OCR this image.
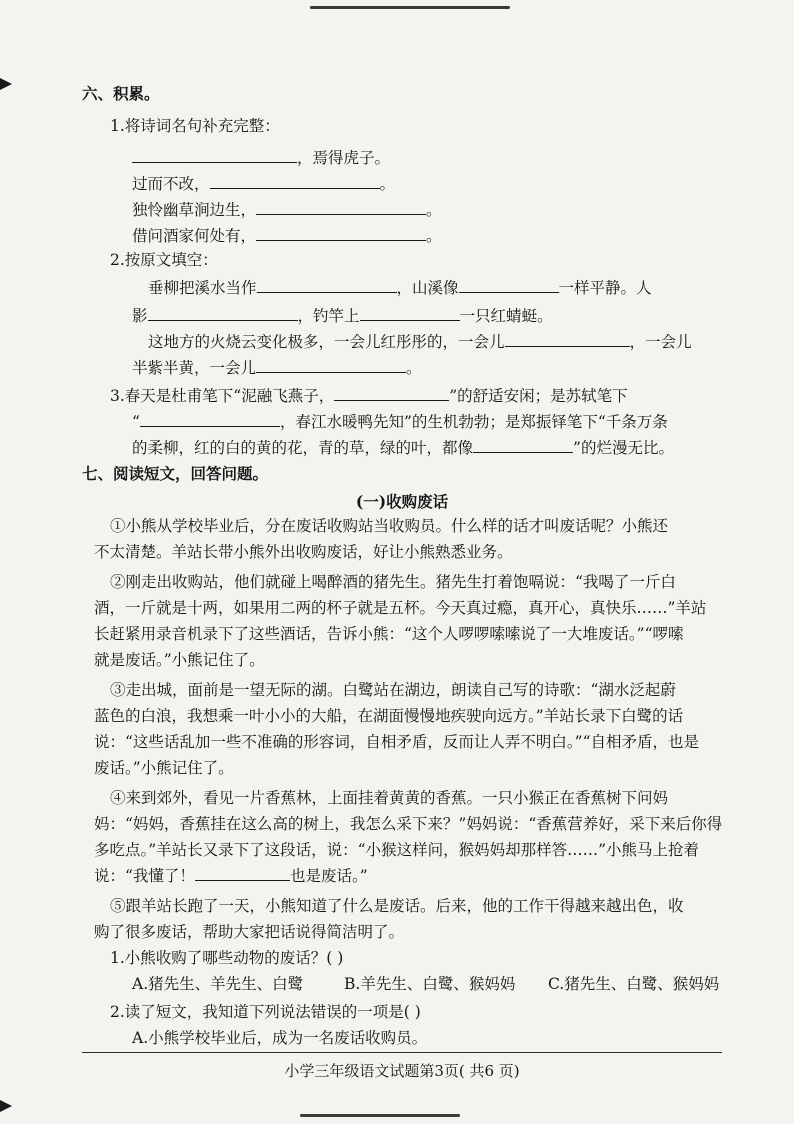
六、积累。
1.将诗词名句补充完整：
，焉得虎子。
过而不改，	。
独怜幽草涧边生，	。
借问酒家何处有，	。
2.按原文填空：
垂柳把溪水当作	，山溪像	一样平静。人
影	，钓竿上	一只红蜻蜓。
这地方的火烧云变化极多，一会儿红彤彤的，一会儿	，一会儿
半紫半黄，一会儿	。
3.春天是杜甫笔下“泥融飞燕子，	”的舒适安闲；是苏轼笔下
“	，春江水暖鸭先知”的生机勃勃；是郑振铎笔下“千条万条
的柔柳，红的白的黄的花，青的草，绿的叶，都像	”的烂漫无比。
七、阅读短文，回答问题。
(一)收购废话
①小熊从学校毕业后，分在废话收购站当收购员。什么样的话才叫废话呢？小熊还
不太清楚。羊站长带小熊外出收购废话，好让小熊熟悉业务。
②刚走出收购站，他们就碰上喝醉酒的猪先生。猪先生打着饱嗝说：“我喝了一斤白
酒，一斤就是十两，如果用二两的杯子就是五杯。今天真过瘾，真开心，真快乐……”羊站
长赶紧用录音机录下了这些酒话，告诉小熊：“这个人啰啰嗦嗦说了一大堆废话。”“啰嗦
就是废话。”小熊记住了。
③走出城，面前是一望无际的湖。白鹭站在湖边，朗读自己写的诗歌：“湖水泛起蔚
蓝色的白浪，我想乘一叶小小的大船，在湖面慢慢地疾驶向远方。”羊站长录下白鹭的话
说：“这些话乱加一些不准确的形容词，自相矛盾，反而让人弄不明白。”“自相矛盾，也是
废话。”小熊记住了。
④来到郊外，看见一片香蕉林，上面挂着黄黄的香蕉。一只小猴正在香蕉树下问妈
妈：“妈妈，香蕉挂在这么高的树上，我怎么采下来？”妈妈说：“香蕉营养好，采下来后你得
多吃点。”羊站长又录下了这段话，说：“小猴这样问，猴妈妈却那样答……”小熊马上抢着
说：“我懂了！	也是废话。”
⑤跟羊站长跑了一天，小熊知道了什么是废话。后来，他的工作干得越来越出色，收
购了很多废话，帮助大家把话说得简洁明了。
1.小熊收购了哪些动物的废话？( )
A.猪先生、羊先生、白鹭	B.羊先生、白鹭、猴妈妈 C.猪先生、白鹭、猴妈妈
2.读了短文，我知道下列说法错误的一项是( )
A.小熊学校毕业后，成为一名废话收购员。
小学三年级语文试题第3页( 共6 页)
